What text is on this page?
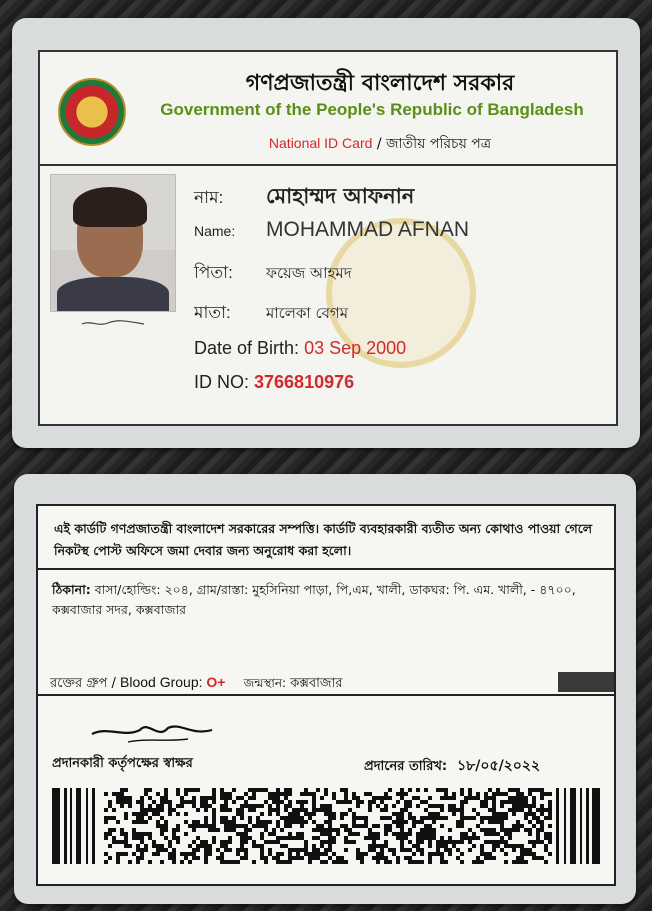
গণপ্রজাতন্ত্রী বাংলাদেশ সরকার
Government of the People's Republic of Bangladesh
National ID Card / জাতীয় পরিচয় পত্র
নাম: মোহাম্মদ আফনান
Name: MOHAMMAD AFNAN
পিতা: ফয়েজ আহমদ
মাতা: মালেকা বেগম
Date of Birth: 03 Sep 2000
ID NO: 3766810976
এই কার্ডটি গণপ্রজাতন্ত্রী বাংলাদেশ সরকারের সম্পত্তি। কার্ডটি ব্যবহারকারী ব্যতীত অন্য কোথাও পাওয়া গেলে নিকটস্থ পোস্ট অফিসে জমা দেবার জন্য অনুরোধ করা হলো।
ঠিকানা: বাসা/হোল্ডিং: ২০৪, গ্রাম/রাস্তা: মুহসিনিয়া পাড়া, পি,এম, খালী, ডাকঘর: পি. এম. খালী, - ৪৭০০, কক্সবাজার সদর, কক্সবাজার
রক্তের গ্রুপ / Blood Group: O+ জন্মস্থান: কক্সবাজার
প্রদানকারী কর্তৃপক্ষের স্বাক্ষর	প্রদানের তারিখ: ১৮/০৫/২০২২
